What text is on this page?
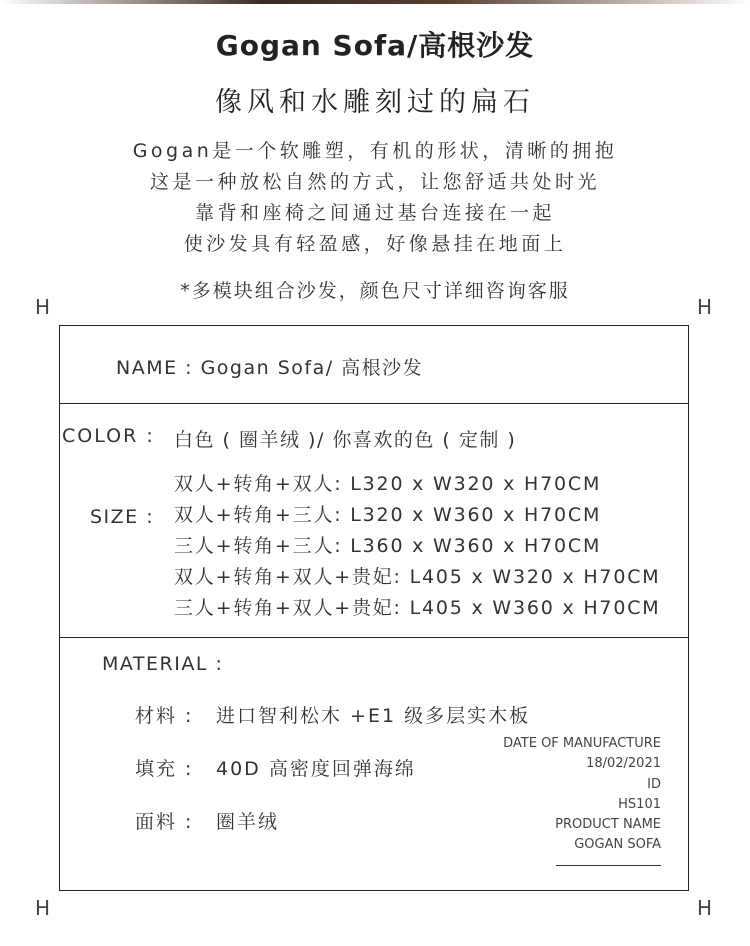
Gogan Sofa/高根沙发
像风和水雕刻过的扁石
Gogan是一个软雕塑，有机的形状，清晰的拥抱
这是一种放松自然的方式，让您舒适共处时光
靠背和座椅之间通过基台连接在一起
使沙发具有轻盈感，好像悬挂在地面上
*多模块组合沙发，颜色尺寸详细咨询客服
H	H
H	H
NAME : Gogan Sofa/ 高根沙发
COLOR : 白色 ( 圈羊绒 )/ 你喜欢的色 ( 定制 )
SIZE :
双人+转角+双人: L320 x W320 x H70CM
双人+转角+三人: L320 x W360 x H70CM
三人+转角+三人: L360 x W360 x H70CM
双人+转角+双人+贵妃: L405 x W320 x H70CM
三人+转角+双人+贵妃: L405 x W360 x H70CM
MATERIAL :
材料 : 进口智利松木 +E1 级多层实木板
填充 : 40D 高密度回弹海绵
面料 : 圈羊绒
DATE OF MANUFACTURE
18/02/2021
ID
HS101
PRODUCT NAME
GOGAN SOFA
